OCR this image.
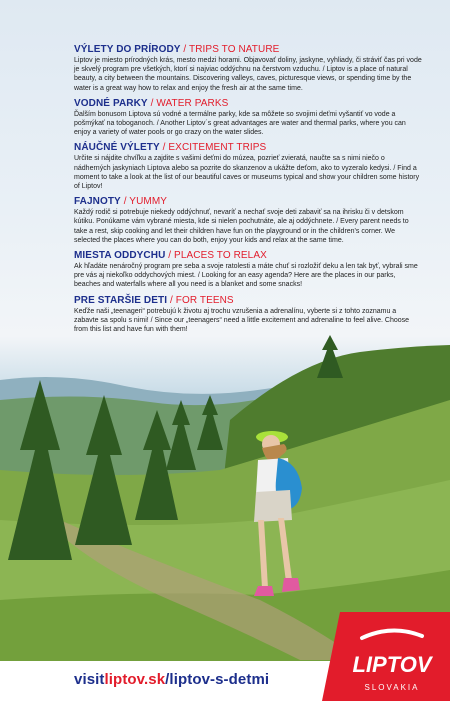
VÝLETY DO PRÍRODY / TRIPS TO NATURE
Liptov je miesto prírodných krás, mesto medzi horami. Objavovať doliny, jaskyne, vyhliady, či stráviť čas pri vode je skvelý program pre všetkých, ktorí si najviac oddýchnu na čerstvom vzduchu. / Liptov is a place of natural beauty, a city between the mountains. Discovering valleys, caves, picturesque views, or spending time by the water is a great way how to relax and enjoy the fresh air at the same time.
VODNÉ PARKY / WATER PARKS
Ďalším bonusom Liptova sú vodné a termálne parky, kde sa môžete so svojimi deťmi vyšantiť vo vode a pošmýkať na toboganoch. / Another Liptov´s great advantages are water and thermal parks, where you can enjoy a variety of water pools or go crazy on the water slides.
NÁUČNÉ VÝLETY / EXCITEMENT TRIPS
Určite si nájdite chvíľku a zajdite s vašimi deťmi do múzea, pozrieť zvieratá, naučte sa s nimi niečo o nádherných jaskyniach Liptova alebo sa pozrite do skanzenov a ukážte deťom, ako to vyzeralo kedysi. / Find a moment to take a look at the list of our beautiful caves or museums typical and show your children some history of Liptov!
FAJNOTY / YUMMY
Každý rodič si potrebuje niekedy oddýchnuť, nevaríť a nechať svoje deti zabaviť sa na ihrisku či v detskom kútiku. Ponúkame vám vybrané miesta, kde si nielen pochutnáte, ale aj oddýchnete. / Every parent needs to take a rest, skip cooking and let their children have fun on the playground or in the children's corner. We selected the places where you can do both, enjoy your kids and relax at the same time.
MIESTA ODDYCHU / PLACES TO RELAX
Ak hľadáte nenáročný program pre seba a svoje ratolesti a máte chuť si rozložiť deku a len tak byť, vybrali sme pre vás aj niekoľko oddychových miest. / Looking for an easy agenda? Here are the places in our parks, beaches and waterfalls where all you need is a blanket and some snacks!
PRE STARŠIE DETI / FOR TEENS
Keďže naši „teenageri“ potrebujú k životu aj trochu vzrušenia a adrenalínu, vyberte si z tohto zoznamu a zabavte sa spolu s nimi! / Since our „teenagers“ need a little excitement and adrenaline to feel alive. Choose from this list and have fun with them!
visitliptov.sk/liptov-s-detmi
LIPTOV
SLOVAKIA
